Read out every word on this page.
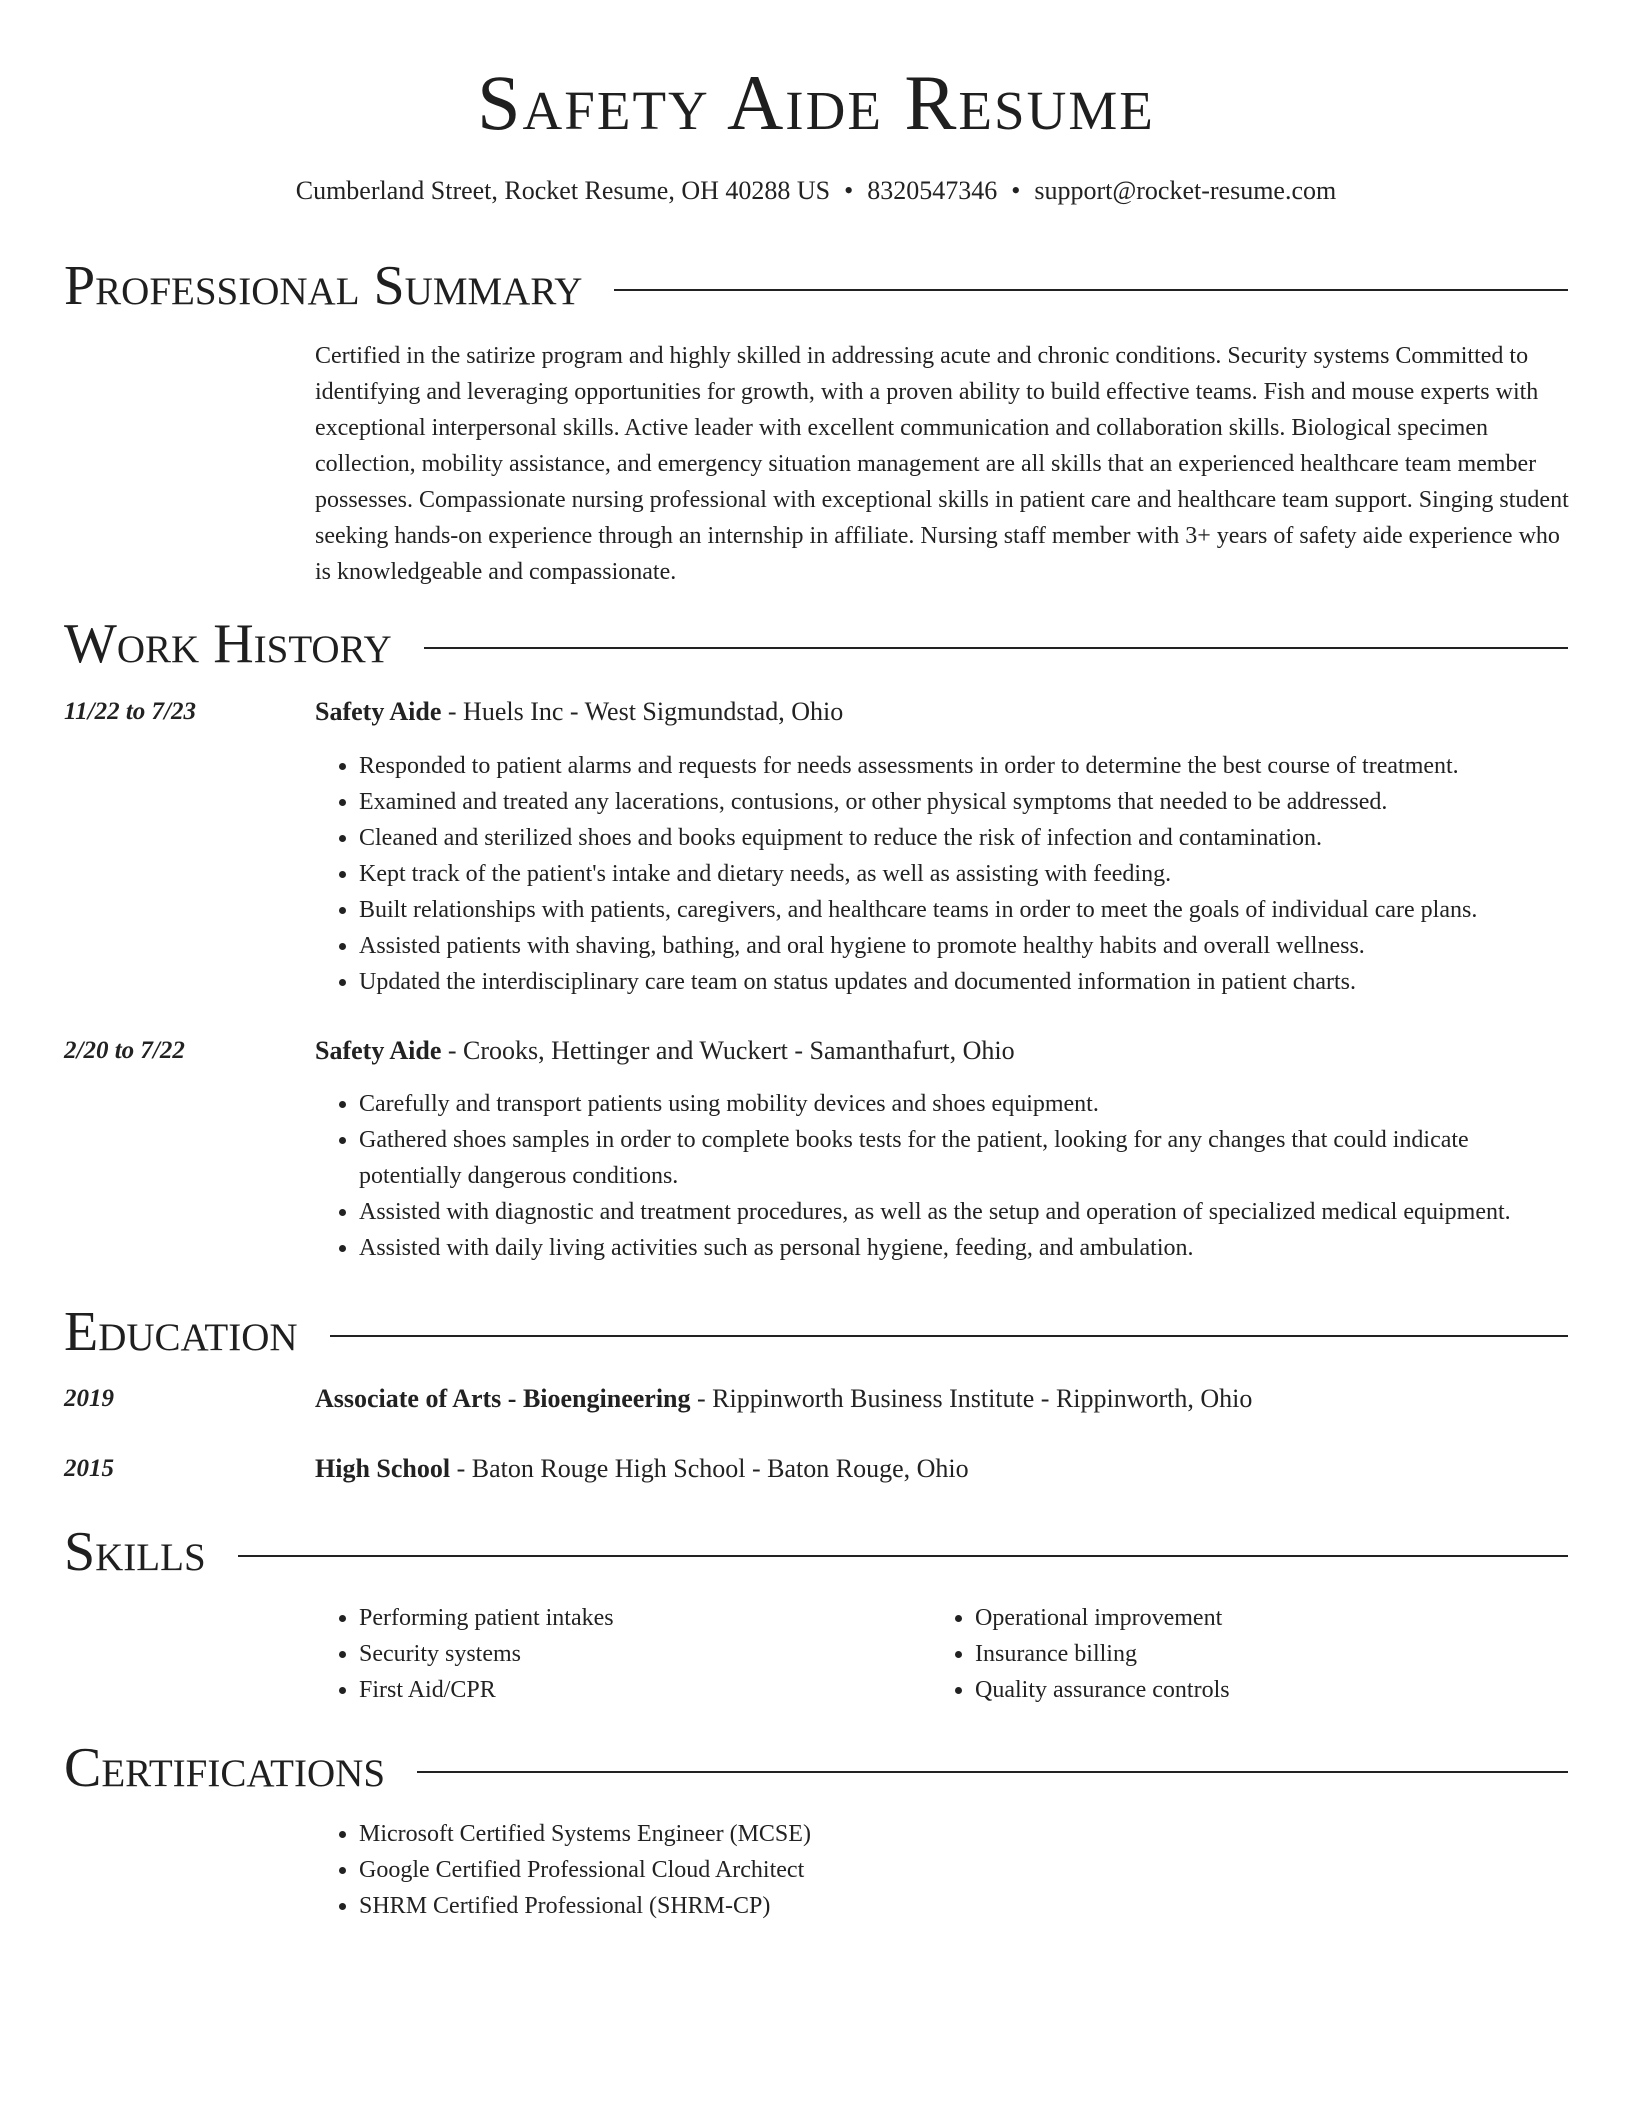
Safety Aide Resume
Cumberland Street, Rocket Resume, OH 40288 US • 8320547346 • support@rocket-resume.com
Professional Summary

Certified in the satirize program and highly skilled in addressing acute and chronic conditions. Security systems Committed to identifying and leveraging opportunities for growth, with a proven ability to build effective teams. Fish and mouse experts with exceptional interpersonal skills. Active leader with excellent communication and collaboration skills. Biological specimen collection, mobility assistance, and emergency situation management are all skills that an experienced healthcare team member possesses. Compassionate nursing professional with exceptional skills in patient care and healthcare team support. Singing student seeking hands-on experience through an internship in affiliate. Nursing staff member with 3+ years of safety aide experience who is knowledgeable and compassionate.

Work History
11/22 to 7/23	Safety Aide - Huels Inc - West Sigmundstad, Ohio
• Responded to patient alarms and requests for needs assessments in order to determine the best course of treatment.
• Examined and treated any lacerations, contusions, or other physical symptoms that needed to be addressed.
• Cleaned and sterilized shoes and books equipment to reduce the risk of infection and contamination.
• Kept track of the patient's intake and dietary needs, as well as assisting with feeding.
• Built relationships with patients, caregivers, and healthcare teams in order to meet the goals of individual care plans.
• Assisted patients with shaving, bathing, and oral hygiene to promote healthy habits and overall wellness.
• Updated the interdisciplinary care team on status updates and documented information in patient charts.
2/20 to 7/22	Safety Aide - Crooks, Hettinger and Wuckert - Samanthafurt, Ohio
• Carefully and transport patients using mobility devices and shoes equipment.
• Gathered shoes samples in order to complete books tests for the patient, looking for any changes that could indicate potentially dangerous conditions.
• Assisted with diagnostic and treatment procedures, as well as the setup and operation of specialized medical equipment.
• Assisted with daily living activities such as personal hygiene, feeding, and ambulation.
Education
2019	Associate of Arts - Bioengineering - Rippinworth Business Institute - Rippinworth, Ohio
2015	High School - Baton Rouge High School - Baton Rouge, Ohio
Skills
• Performing patient intakes
• Security systems
• First Aid/CPR
• Operational improvement
• Insurance billing
• Quality assurance controls
Certifications
• Microsoft Certified Systems Engineer (MCSE)
• Google Certified Professional Cloud Architect
• SHRM Certified Professional (SHRM-CP)
